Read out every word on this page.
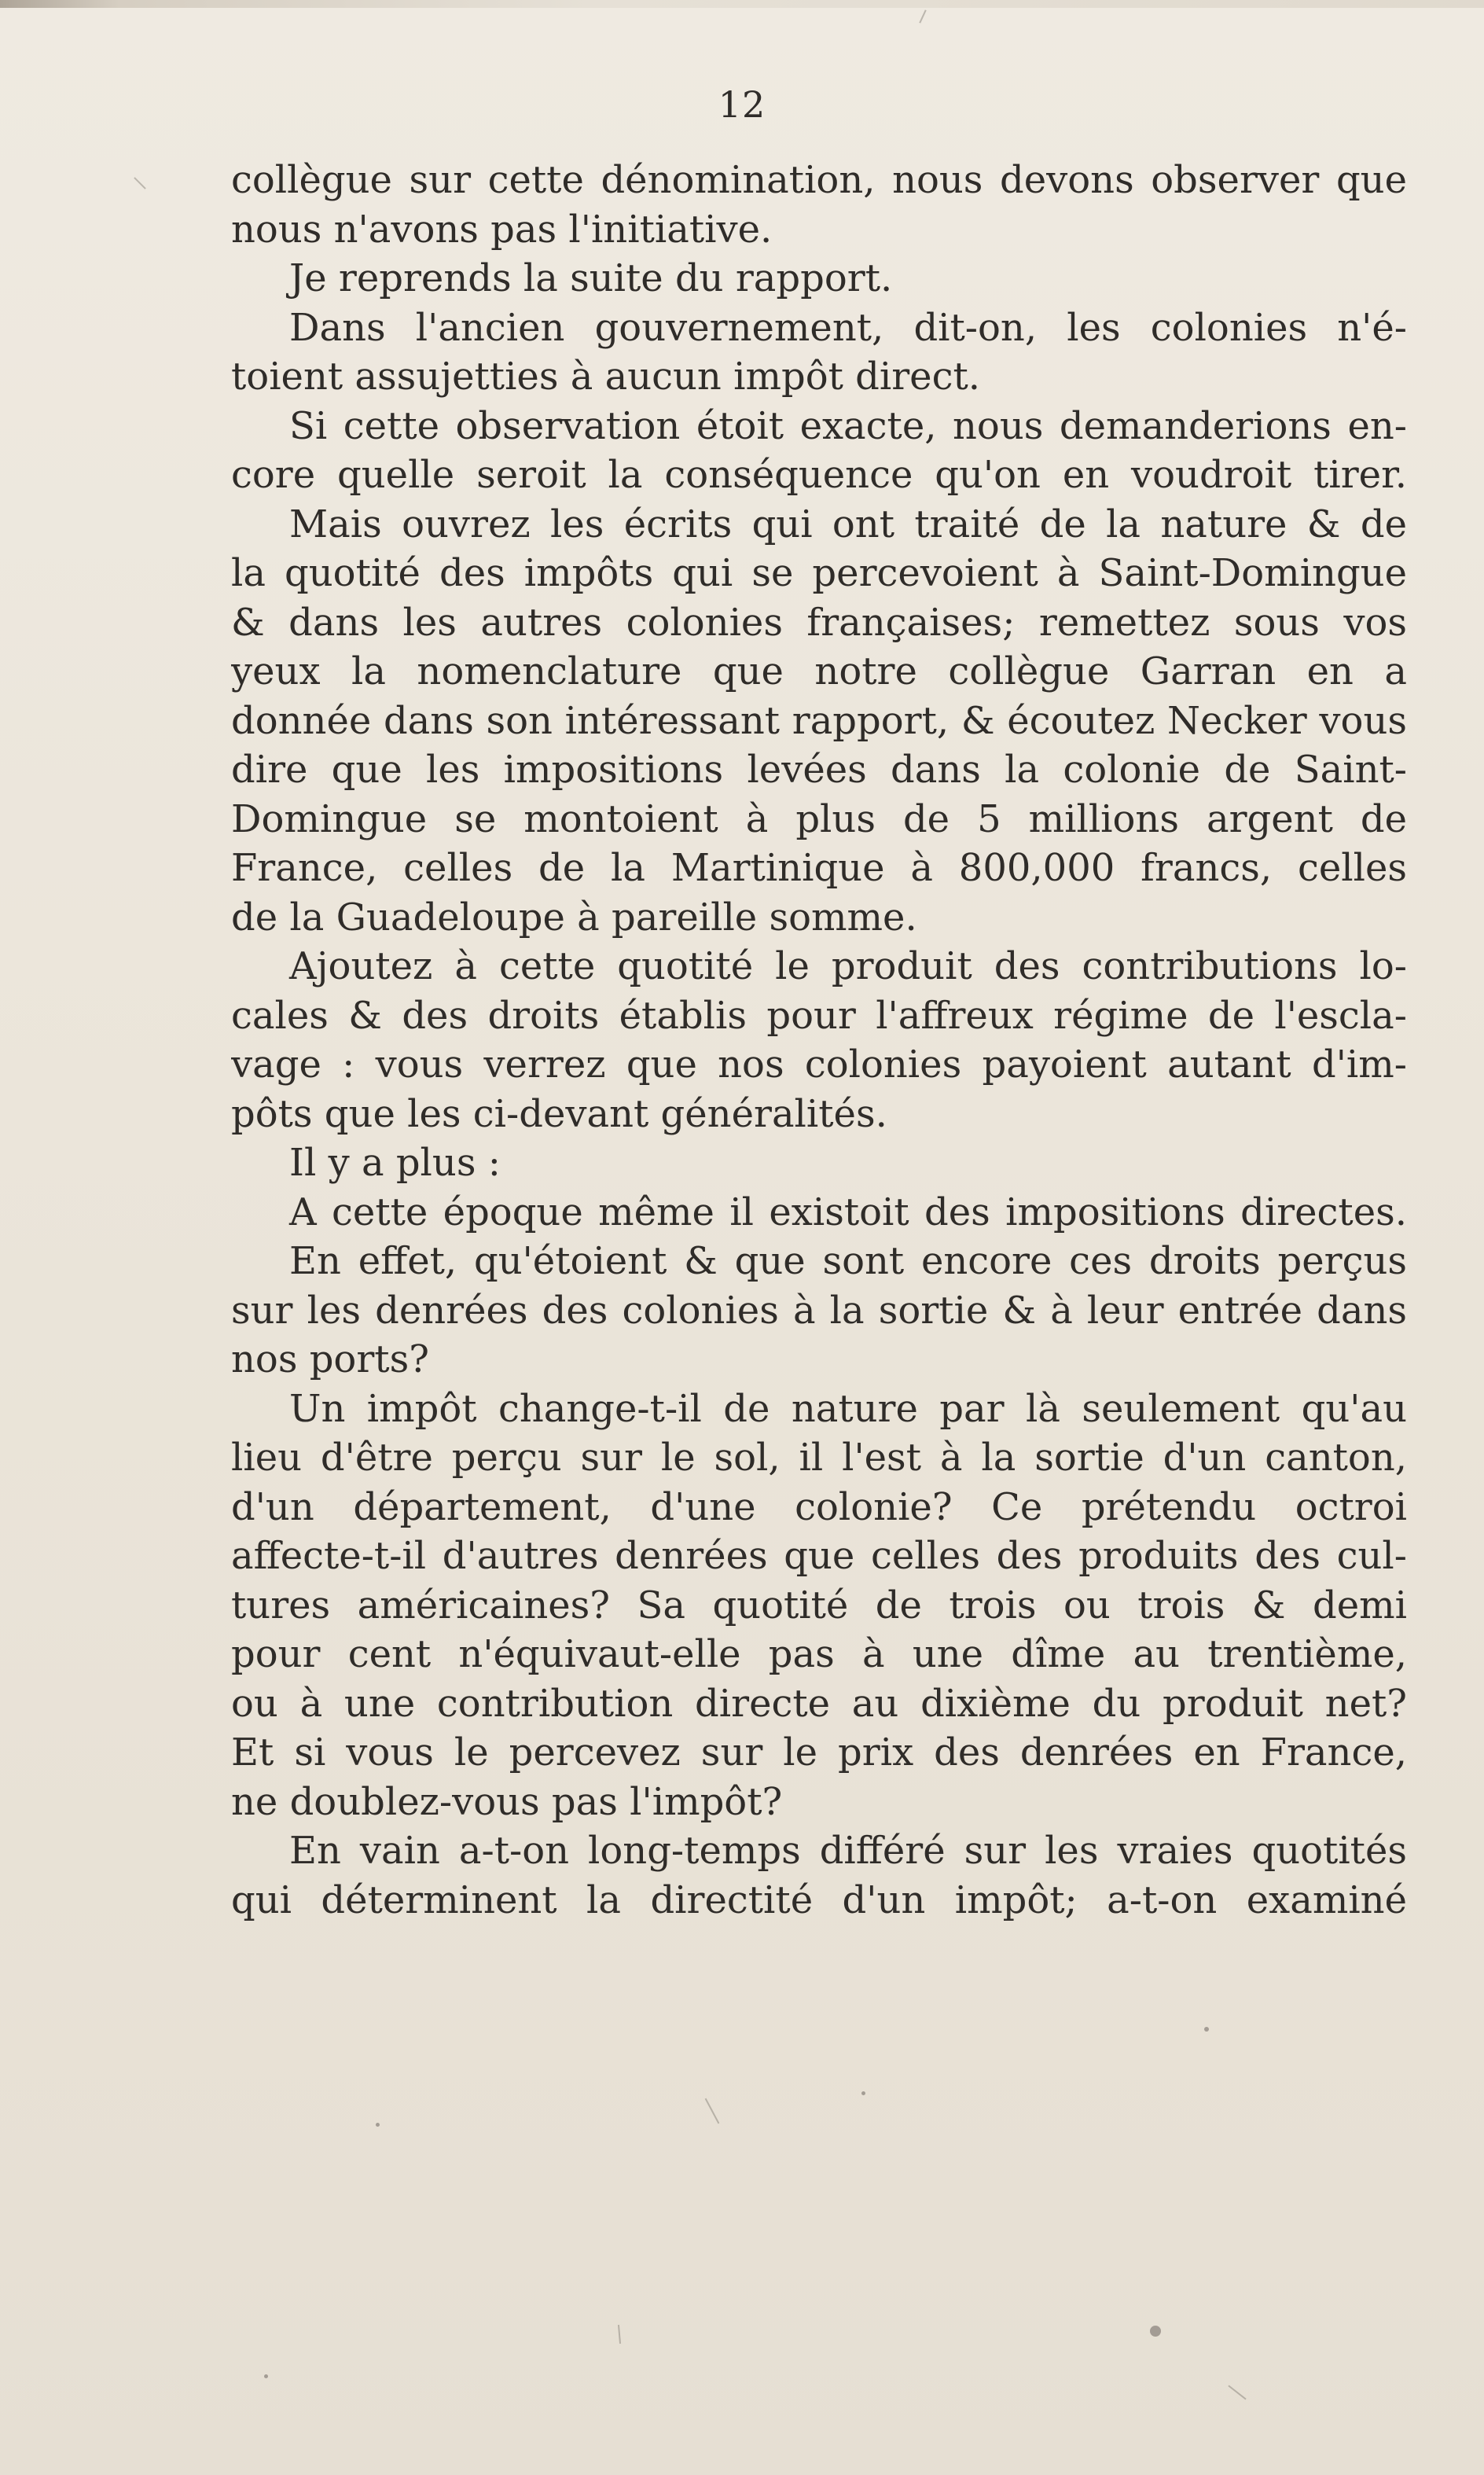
12
collègue sur cette dénomination, nous devons observer que
nous n'avons pas l'initiative.
Je reprends la suite du rapport.
Dans l'ancien gouvernement, dit-on, les colonies n'é-
toient assujetties à aucun impôt direct.
Si cette observation étoit exacte, nous demanderions en-
core quelle seroit la conséquence qu'on en voudroit tirer.
Mais ouvrez les écrits qui ont traité de la nature & de
la quotité des impôts qui se percevoient à Saint-Domingue
& dans les autres colonies françaises; remettez sous vos
yeux la nomenclature que notre collègue Garran en a
donnée dans son intéressant rapport, & écoutez Necker vous
dire que les impositions levées dans la colonie de Saint-
Domingue se montoient à plus de 5 millions argent de
France, celles de la Martinique à 800,000 francs, celles
de la Guadeloupe à pareille somme.
Ajoutez à cette quotité le produit des contributions lo-
cales & des droits établis pour l'affreux régime de l'escla-
vage : vous verrez que nos colonies payoient autant d'im-
pôts que les ci-devant généralités.
Il y a plus :
A cette époque même il existoit des impositions directes.
En effet, qu'étoient & que sont encore ces droits perçus
sur les denrées des colonies à la sortie & à leur entrée dans
nos ports?
Un impôt change-t-il de nature par là seulement qu'au
lieu d'être perçu sur le sol, il l'est à la sortie d'un canton,
d'un département, d'une colonie? Ce prétendu octroi
affecte-t-il d'autres denrées que celles des produits des cul-
tures américaines? Sa quotité de trois ou trois & demi
pour cent n'équivaut-elle pas à une dîme au trentième,
ou à une contribution directe au dixième du produit net?
Et si vous le percevez sur le prix des denrées en France,
ne doublez-vous pas l'impôt?
En vain a-t-on long-temps différé sur les vraies quotités
qui déterminent la directité d'un impôt; a-t-on examiné
